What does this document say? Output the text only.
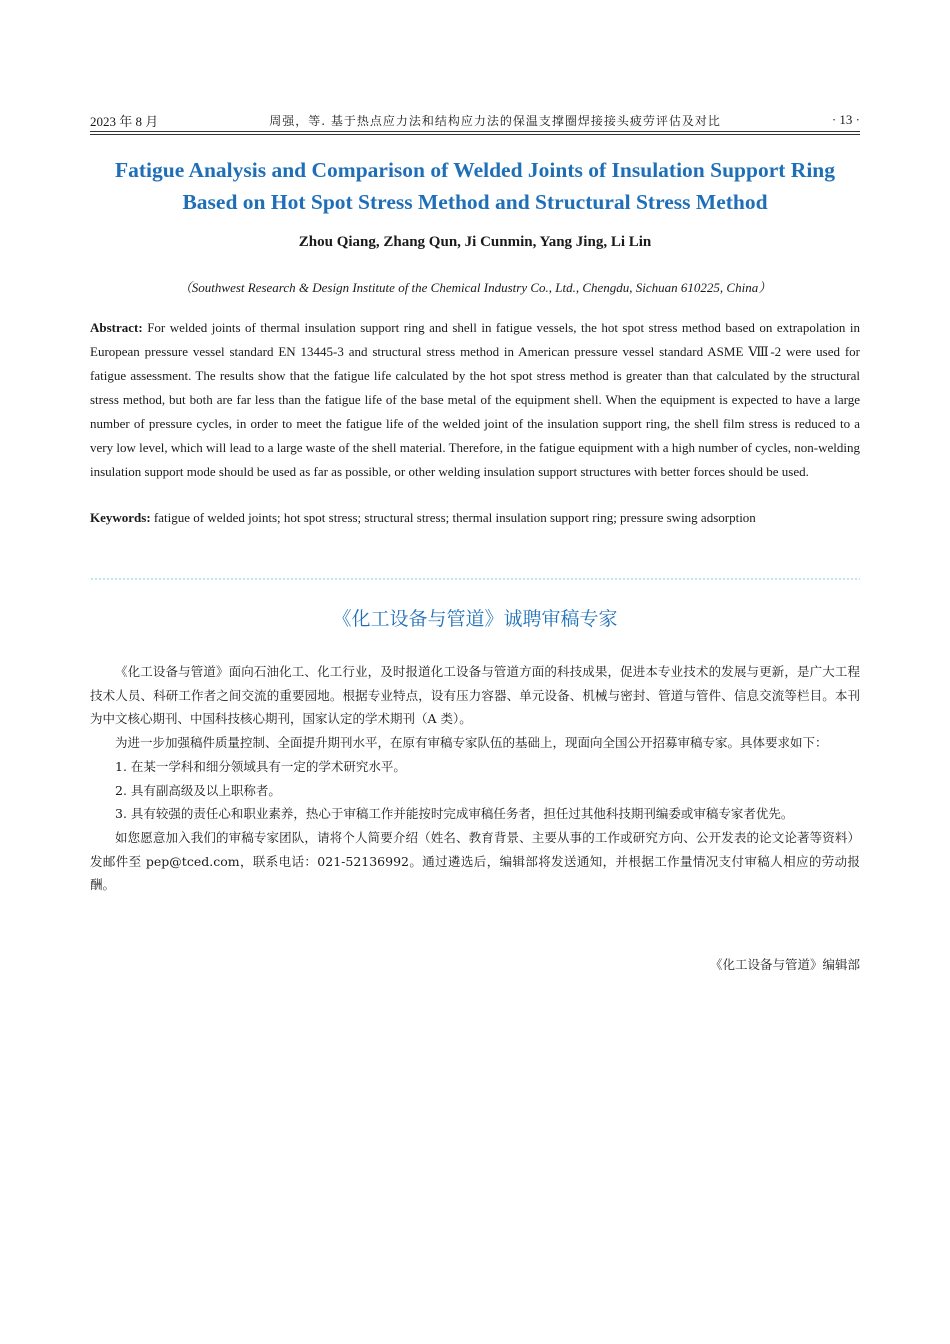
2023 年 8 月	周强，等. 基于热点应力法和结构应力法的保温支撑圈焊接接头疲劳评估及对比	· 13 ·
Fatigue Analysis and Comparison of Welded Joints of Insulation Support Ring
Based on Hot Spot Stress Method and Structural Stress Method
Zhou Qiang, Zhang Qun, Ji Cunmin, Yang Jing, Li Lin
（Southwest Research & Design Institute of the Chemical Industry Co., Ltd., Chengdu, Sichuan 610225, China）
Abstract: For welded joints of thermal insulation support ring and shell in fatigue vessels, the hot spot stress method based on extrapolation in European pressure vessel standard EN 13445-3 and structural stress method in American pressure vessel standard ASME Ⅷ-2 were used for fatigue assessment. The results show that the fatigue life calculated by the hot spot stress method is greater than that calculated by the structural stress method, but both are far less than the fatigue life of the base metal of the equipment shell. When the equipment is expected to have a large number of pressure cycles, in order to meet the fatigue life of the welded joint of the insulation support ring, the shell film stress is reduced to a very low level, which will lead to a large waste of the shell material. Therefore, in the fatigue equipment with a high number of cycles, non-welding insulation support mode should be used as far as possible, or other welding insulation support structures with better forces should be used.
Keywords: fatigue of welded joints; hot spot stress; structural stress; thermal insulation support ring; pressure swing adsorption
《化工设备与管道》诚聘审稿专家

《化工设备与管道》面向石油化工、化工行业，及时报道化工设备与管道方面的科技成果，促进本专业技术的发展与更新，是广大工程技术人员、科研工作者之间交流的重要园地。根据专业特点，设有压力容器、单元设备、机械与密封、管道与管件、信息交流等栏目。本刊为中文核心期刊、中国科技核心期刊，国家认定的学术期刊（A 类）。

为进一步加强稿件质量控制、全面提升期刊水平，在原有审稿专家队伍的基础上，现面向全国公开招募审稿专家。具体要求如下：

1. 在某一学科和细分领域具有一定的学术研究水平。

2. 具有副高级及以上职称者。

3. 具有较强的责任心和职业素养，热心于审稿工作并能按时完成审稿任务者，担任过其他科技期刊编委或审稿专家者优先。

如您愿意加入我们的审稿专家团队，请将个人简要介绍（姓名、教育背景、主要从事的工作或研究方向、公开发表的论文论著等资料）发邮件至 pep@tced.com，联系电话：021-52136992。通过遴选后，编辑部将发送通知，并根据工作量情况支付审稿人相应的劳动报酬。

《化工设备与管道》编辑部
